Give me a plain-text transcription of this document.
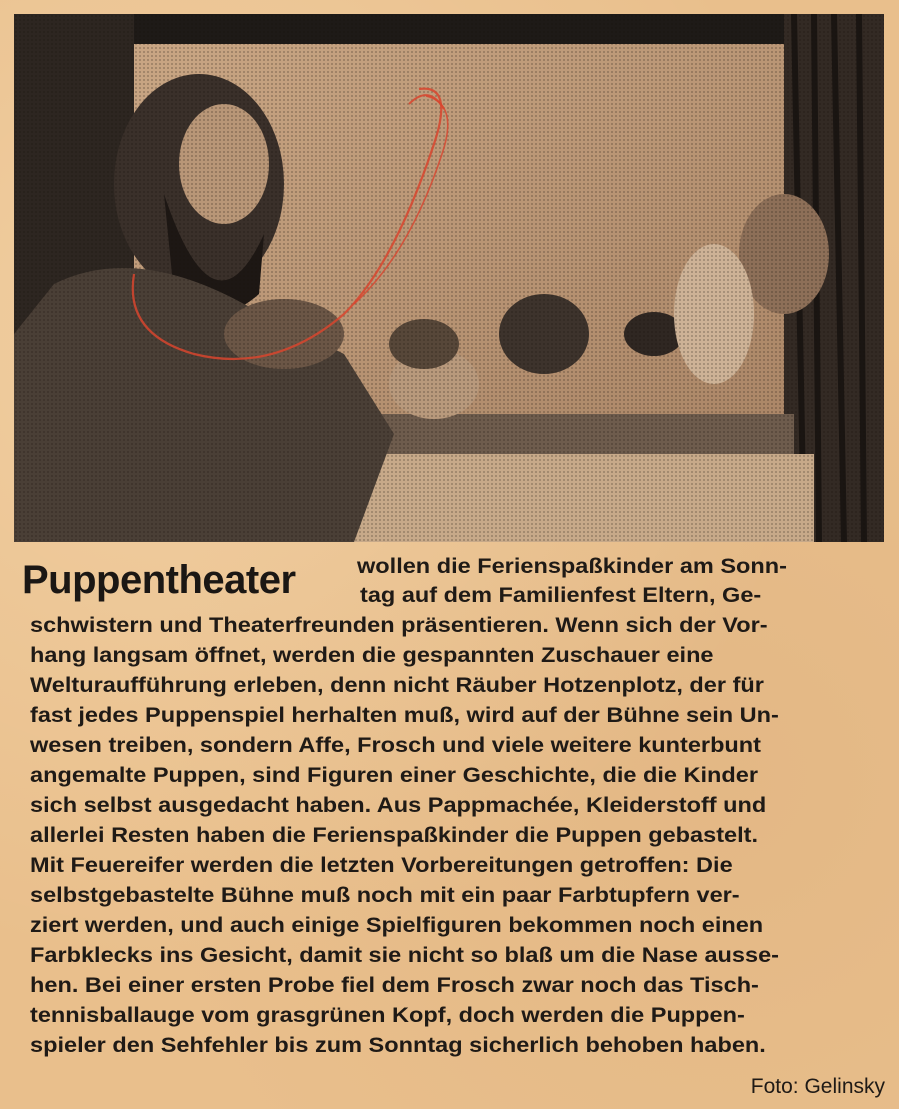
Puppentheater	wollen die Ferienspaßkinder am Sonn-

tag auf dem Familienfest Eltern, Ge-

schwistern und Theaterfreunden präsentieren. Wenn sich der Vor-

hang langsam öffnet, werden die gespannten Zuschauer eine

Welturaufführung erleben, denn nicht Räuber Hotzenplotz, der für

fast jedes Puppenspiel herhalten muß, wird auf der Bühne sein Un-

wesen treiben, sondern Affe, Frosch und viele weitere kunterbunt

angemalte Puppen, sind Figuren einer Geschichte, die die Kinder

sich selbst ausgedacht haben. Aus Pappmachée, Kleiderstoff und

allerlei Resten haben die Ferienspaßkinder die Puppen gebastelt.

Mit Feuereifer werden die letzten Vorbereitungen getroffen: Die

selbstgebastelte Bühne muß noch mit ein paar Farbtupfern ver-

ziert werden, und auch einige Spielfiguren bekommen noch einen

Farbklecks ins Gesicht, damit sie nicht so blaß um die Nase ausse-

hen. Bei einer ersten Probe fiel dem Frosch zwar noch das Tisch-

tennisballauge vom grasgrünen Kopf, doch werden die Puppen-

spieler den Sehfehler bis zum Sonntag sicherlich behoben haben.

Foto: Gelinsky
